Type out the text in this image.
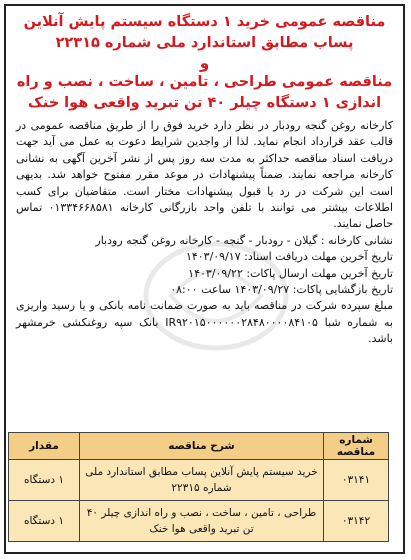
مناقصه عمومی خرید ۱ دستگاه سیستم پایش آنلاین
پساب مطابق استاندارد ملی شماره ۲۲۳۱۵
و
مناقصه عمومی طراحی ، تامین ، ساخت ، نصب و راه
اندازی ۱ دستگاه چیلر ۴۰ تن تبرید واقعی هوا خنک

کارخانه روغن گنجه رودبار در نظر دارد خرید فوق را از طریق مناقصه عمومی در قالب عقد قرارداد انجام نماید. لذا از واجدین شرایط دعوت به عمل می آید جهت دریافت اسناد مناقصه حداکثر به مدت سه روز پس از نشر آخرین آگهی به نشانی کارخانه مراجعه نمایند. ضمناً پیشنهادات در موعد مقرر مفتوح خواهد شد. بدیهی است این شرکت در رد یا قبول پیشنهادات مختار است. متقاضیان برای کسب اطلاعات بیشتر می توانند با تلفن واحد بازرگانی کارخانه ۰۱۳۳۴۶۶۸۵۸۱ تماس حاصل نمایند.

نشانی کارخانه : گیلان - رودبار - گنجه - کارخانه روغن گنجه رودبار
تاریخ آخرین مهلت دریافت اسناد: ۱۴۰۳/۰۹/۱۷
تاریخ آخرین مهلت ارسال پاکات: ۱۴۰۳/۰۹/۲۲
تاریخ بازگشایی پاکات: ۱۴۰۳/۰۹/۲۷ ساعت ۰۸:۰۰
مبلغ سپرده شرکت در مناقصه باید به صورت ضمانت نامه بانکی و یا رسید واریزی به شماره شبا IR۹۲۰۱۵۰۰۰۰۰۰۲۸۴۸۰۰۰۰۸۴۱۰۵ بانک سپه روغنکشی خرمشهر باشد.
شماره مناقصه	شرح مناقصه	مقدار
۰۳۱۴۱	خرید سیستم پایش آنلاین پساب مطابق استاندارد ملی شماره ۲۲۳۱۵	۱ دستگاه
۰۳۱۴۲	طراحی ، تامین ، ساخت ، نصب و راه اندازی چیلر ۴۰ تن تبرید واقعی هوا خنک	۱ دستگاه
